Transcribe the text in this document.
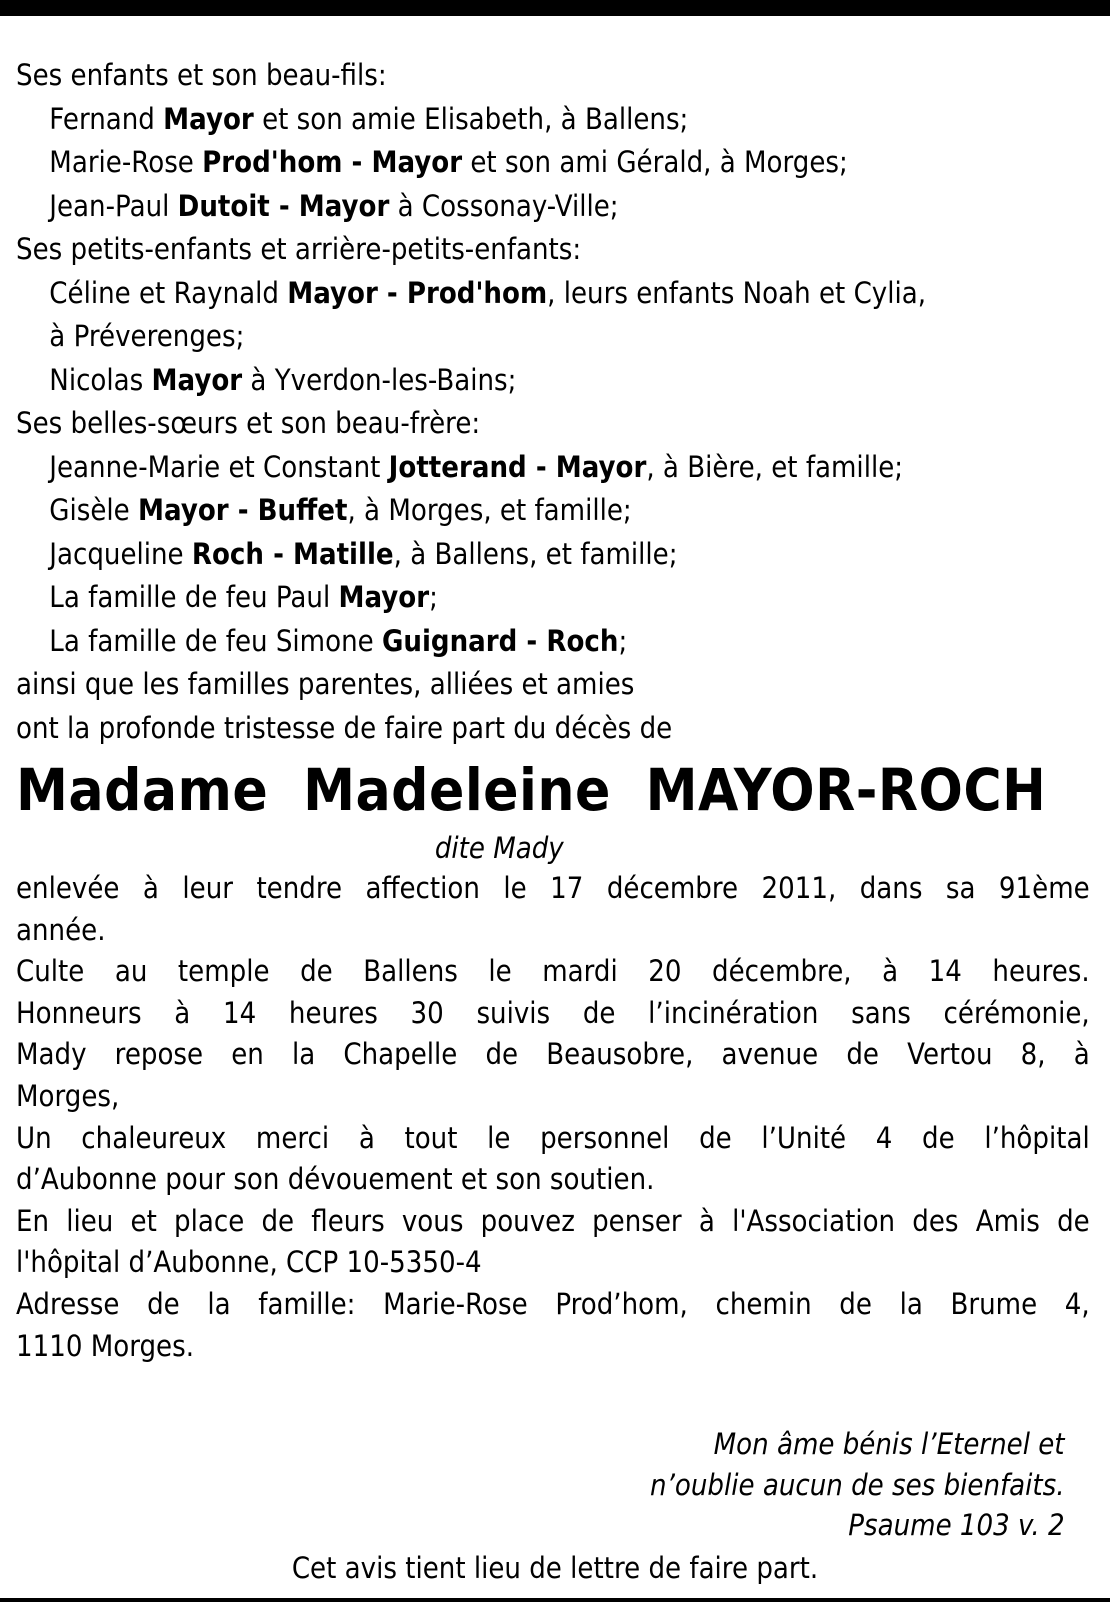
Ses enfants et son beau-fils:
Fernand Mayor et son amie Elisabeth, à Ballens;
Marie-Rose Prod'hom - Mayor et son ami Gérald, à Morges;
Jean-Paul Dutoit - Mayor à Cossonay-Ville;
Ses petits-enfants et arrière-petits-enfants:
Céline et Raynald Mayor - Prod'hom, leurs enfants Noah et Cylia,
à Préverenges;
Nicolas Mayor à Yverdon-les-Bains;
Ses belles-sœurs et son beau-frère:
Jeanne-Marie et Constant Jotterand - Mayor, à Bière, et famille;
Gisèle Mayor - Buffet, à Morges, et famille;
Jacqueline Roch - Matille, à Ballens, et famille;
La famille de feu Paul Mayor;
La famille de feu Simone Guignard - Roch;
ainsi que les familles parentes, alliées et amies
ont la profonde tristesse de faire part du décès de
Madame Madeleine MAYOR-ROCH
dite Mady
enlevée à leur tendre affection le 17 décembre 2011, dans sa 91ème
année.
Culte au temple de Ballens le mardi 20 décembre, à 14 heures.
Honneurs à 14 heures 30 suivis de l’incinération sans cérémonie,
Mady repose en la Chapelle de Beausobre, avenue de Vertou 8, à
Morges,
Un chaleureux merci à tout le personnel de l’Unité 4 de l’hôpital
d’Aubonne pour son dévouement et son soutien.
En lieu et place de fleurs vous pouvez penser à l'Association des Amis de
l'hôpital d’Aubonne, CCP 10-5350-4
Adresse de la famille: Marie-Rose Prod’hom, chemin de la Brume 4,
1110 Morges.
Mon âme bénis l’Eternel et
n’oublie aucun de ses bienfaits.
Psaume 103 v. 2
Cet avis tient lieu de lettre de faire part.
